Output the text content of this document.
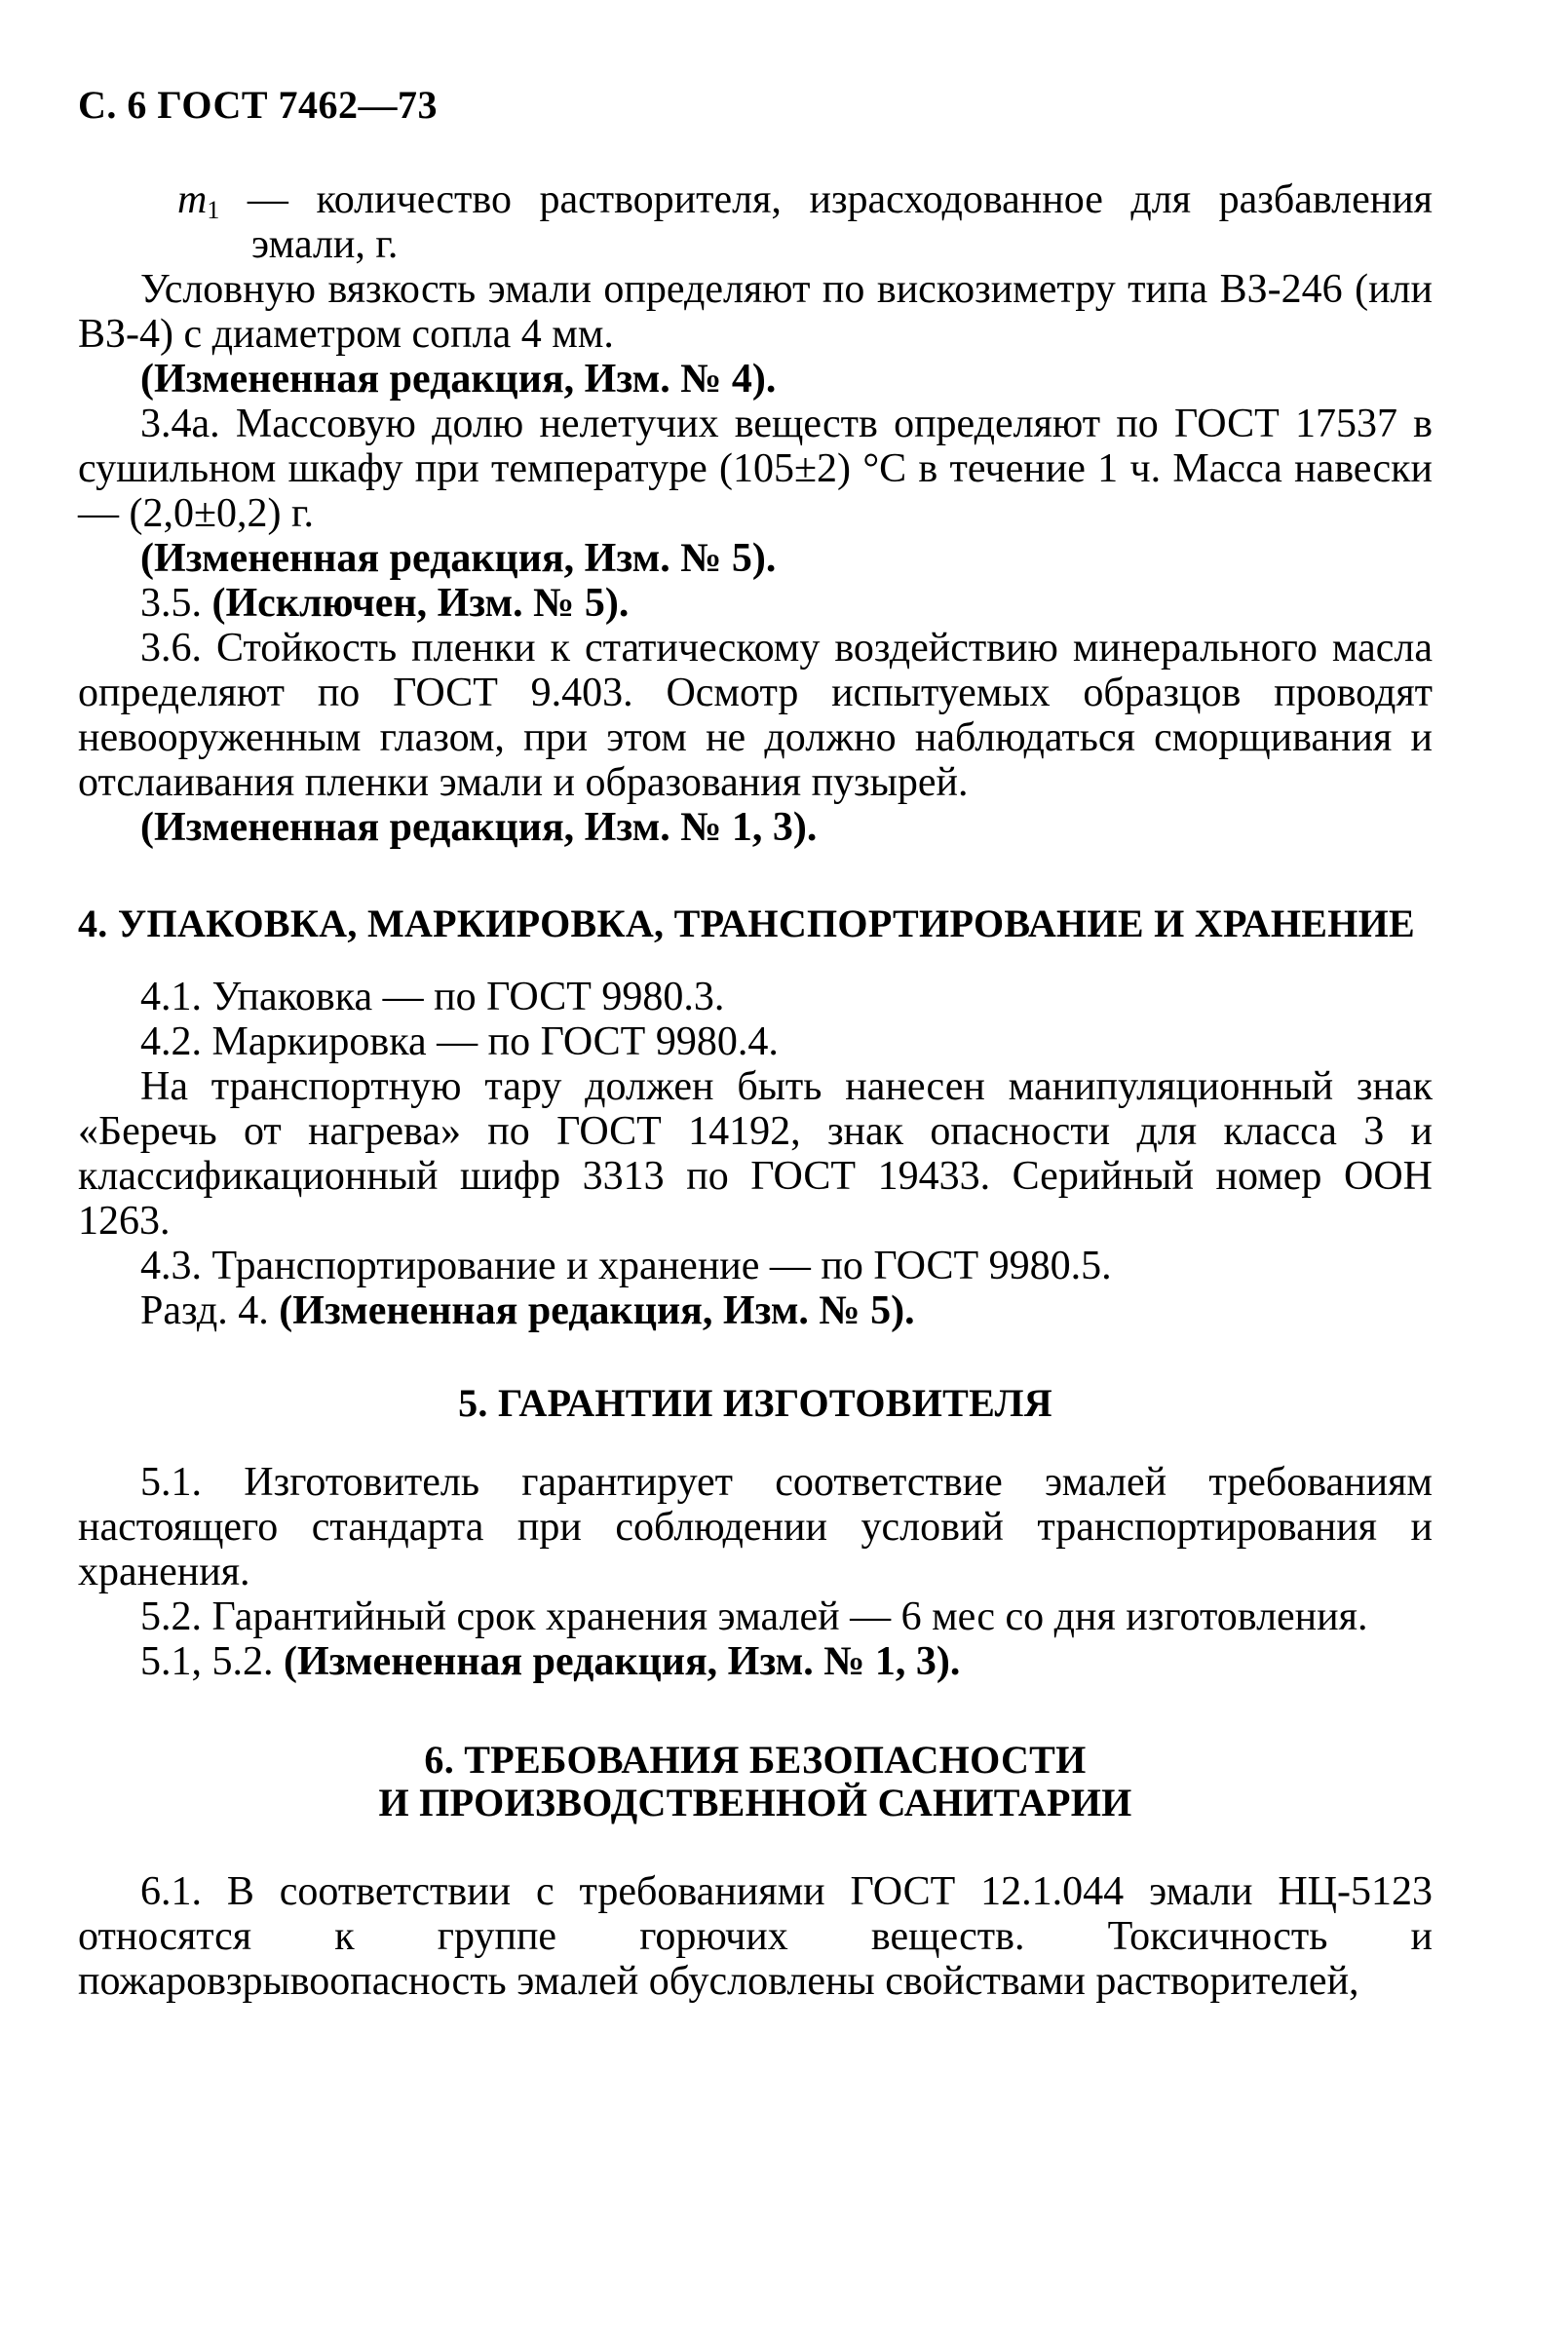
С. 6 ГОСТ 7462—73

$m_1$ — количество растворителя, израсходованное для разбавления эмали, г.

Условную вязкость эмали определяют по вискозиметру типа ВЗ-246 (или ВЗ-4) с диаметром сопла 4 мм.

(Измененная редакция, Изм. № 4).

3.4а. Массовую долю нелетучих веществ определяют по ГОСТ 17537 в сушильном шкафу при температуре (105±2) °С в течение 1 ч. Масса навески — (2,0±0,2) г.

(Измененная редакция, Изм. № 5).

3.5. (Исключен, Изм. № 5).

3.6. Стойкость пленки к статическому воздействию минерального масла определяют по ГОСТ 9.403. Осмотр испытуемых образцов проводят невооруженным глазом, при этом не должно наблюдаться сморщивания и отслаивания пленки эмали и образования пузырей.

(Измененная редакция, Изм. № 1, 3).

4. УПАКОВКА, МАРКИРОВКА, ТРАНСПОРТИРОВАНИЕ И ХРАНЕНИЕ

4.1. Упаковка — по ГОСТ 9980.3.

4.2. Маркировка — по ГОСТ 9980.4.

На транспортную тару должен быть нанесен манипуляционный знак «Беречь от нагрева» по ГОСТ 14192, знак опасности для класса 3 и классификационный шифр 3313 по ГОСТ 19433. Серийный номер ООН 1263.

4.3. Транспортирование и хранение — по ГОСТ 9980.5.

Разд. 4. (Измененная редакция, Изм. № 5).

5. ГАРАНТИИ ИЗГОТОВИТЕЛЯ

5.1. Изготовитель гарантирует соответствие эмалей требованиям настоящего стандарта при соблюдении условий транспортирования и хранения.

5.2. Гарантийный срок хранения эмалей — 6 мес со дня изготовления.

5.1, 5.2. (Измененная редакция, Изм. № 1, 3).

6. ТРЕБОВАНИЯ БЕЗОПАСНОСТИ
И ПРОИЗВОДСТВЕННОЙ САНИТАРИИ

6.1. В соответствии с требованиями ГОСТ 12.1.044 эмали НЦ-5123 относятся к группе горючих веществ. Токсичность и пожаровзрывоопасность эмалей обусловлены свойствами растворителей,
